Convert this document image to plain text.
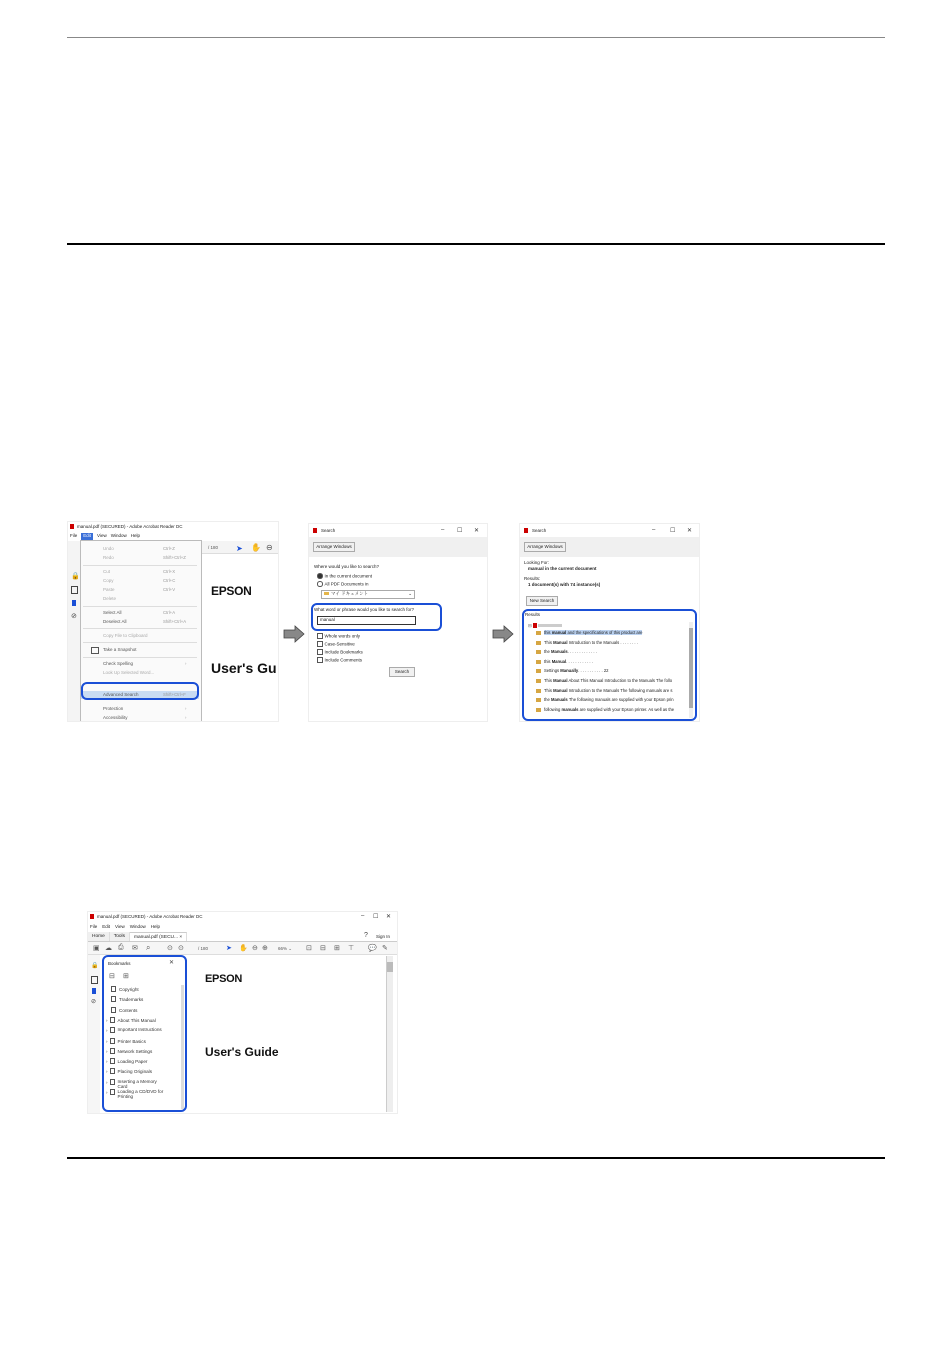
manual.pdf (SECURED) - Adobe Acrobat Reader DC
File	Edit	View Window Help
/ 180 ➤ ✋ ⊖
🔒
⊘
Undo	Ctrl+Z
Redo	Shift+Ctrl+Z
Cut	Ctrl+X
Copy	Ctrl+C
Paste	Ctrl+V
Delete
Select All	Ctrl+A
Deselect All	Shift+Ctrl+A
Copy File to Clipboard
Take a Snapshot
Check Spelling	›
Look Up Selected Word...
Advanced Search	Shift+Ctrl+F
Protection	›
Accessibility	›
EPSON
User's Gu
Search	– ☐ ✕
Arrange Windows
Where would you like to search?
In the current document
All PDF Documents in
マイ ドキュメント	⌄
What word or phrase would you like to search for?
manual
Whole words only
Case-Sensitive
Include Bookmarks
Include Comments
Search
Search	– ☐ ✕
Arrange Windows
Looking For:
manual in the current document
Results:
1 document(s) with 74 instance(s)
New Search
Results
⊟
this manual and the specifications of this product are
This Manual Introduction to the Manuals . . . . . . . .
the Manuals. . . . . . . . . . . . .
this Manual. . . . . . . . . . . .
Settings Manually. . . . . . . . . . . 22
This Manual About This Manual Introduction to the Manuals The follo
This Manual Introduction to the Manuals The following manuals are s
the Manuals The following manuals are supplied with your Epson prin
following manuals are supplied with your Epson printer. As well as the
manual.pdf (SECURED) - Adobe Acrobat Reader DC	– ☐ ✕
File Edit View Window Help
Home	Tools	manual.pdf (SECU... ×	? Sign In
▣ ☁ ⎙ ✉ ⌕ ⊙ ⊙	/ 180	➤ ✋ ⊖ ⊕ 66% ⌄ ⊡ ⊟ ⊞ ⊤ 💬 ✎
🔒
⊘
Bookmarks	✕
⊟ ⊞
Copyright
Trademarks
Contents
› About This Manual
› Important Instructions
› Printer Basics
› Network Settings
› Loading Paper
› Placing Originals
› Inserting a Memory Card
› Loading a CD/DVD for Printing
EPSON
User's Guide
